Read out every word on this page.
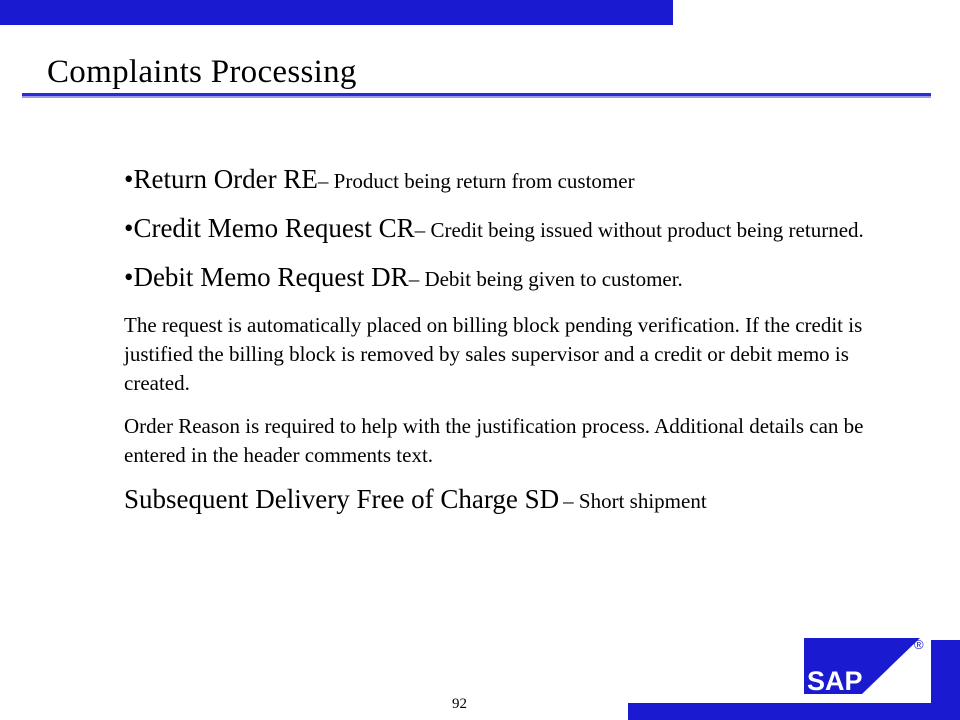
Complaints Processing

•Return Order RE– Product being return from customer

•Credit Memo Request CR– Credit being issued without product being returned.

•Debit Memo Request DR– Debit being given to customer.

The request is automatically placed on billing block pending verification. If the credit is justified the billing block is removed by sales supervisor and a credit or debit memo is created.

Order Reason is required to help with the justification process. Additional details can be entered in the header comments text.

Subsequent Delivery Free of Charge SD – Short shipment

92
SAP
®
